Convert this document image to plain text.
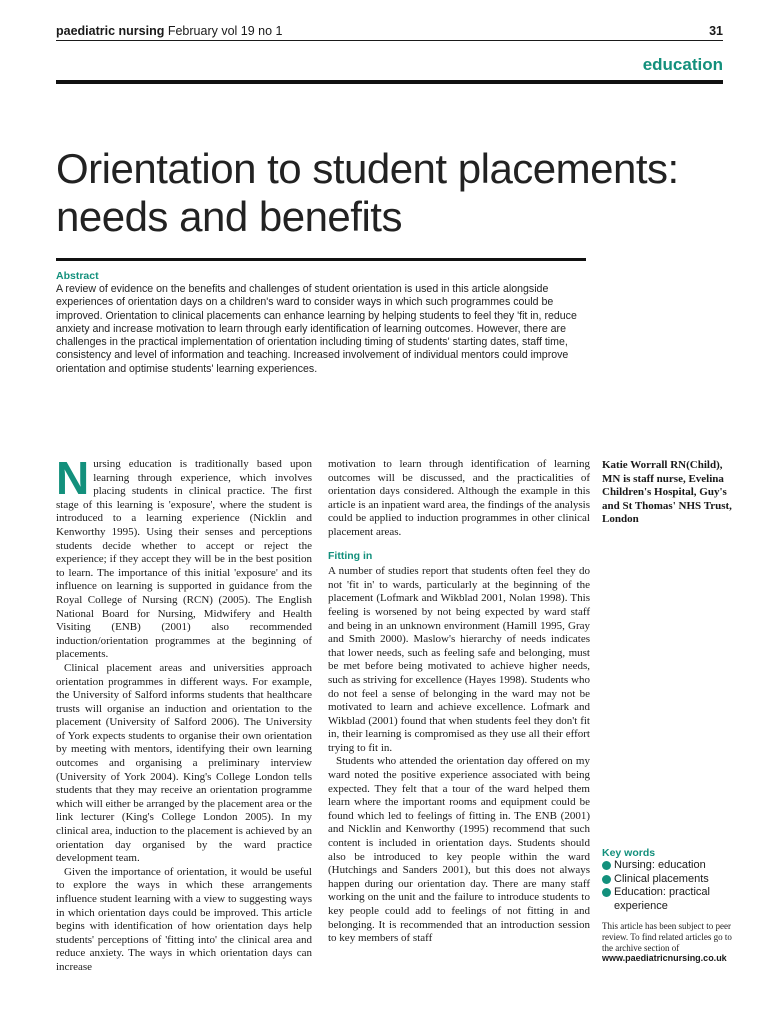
paediatric nursing February vol 19 no 1	31
education
Orientation to student placements:
needs and benefits
Abstract

A review of evidence on the benefits and challenges of student orientation is used in this article alongside experiences of orientation days on a children's ward to consider ways in which such programmes could be improved. Orientation to clinical placements can enhance learning by helping students to feel they 'fit in, reduce anxiety and increase motivation to learn through early identification of learning outcomes. However, there are challenges in the practical implementation of orientation including timing of students' starting dates, staff time, consistency and level of information and teaching. Increased involvement of individual mentors could improve orientation and optimise students' learning experiences.

Nursing education is traditionally based upon learning through experience, which involves placing students in clinical practice. The first stage of this learning is 'exposure', where the student is introduced to a learning experience (Nicklin and Kenworthy 1995). Using their senses and perceptions students decide whether to accept or reject the experience; if they accept they will be in the best position to learn. The importance of this initial 'exposure' and its influence on learning is supported in guidance from the Royal College of Nursing (RCN) (2005). The English National Board for Nursing, Midwifery and Health Visiting (ENB) (2001) also recommended induction/orientation programmes at the beginning of placements.

Clinical placement areas and universities approach orientation programmes in different ways. For example, the University of Salford informs students that healthcare trusts will organise an induction and orientation to the placement (University of Salford 2006). The University of York expects students to organise their own orientation by meeting with mentors, identifying their own learning outcomes and organising a preliminary interview (University of York 2004). King's College London tells students that they may receive an orientation programme which will either be arranged by the placement area or the link lecturer (King's College London 2005). In my clinical area, induction to the placement is achieved by an orientation day organised by the ward practice development team.

Given the importance of orientation, it would be useful to explore the ways in which these arrangements influence student learning with a view to suggesting ways in which orientation days could be improved. This article begins with identification of how orientation days help students' perceptions of 'fitting into' the clinical area and reduce anxiety. The ways in which orientation days can increase

motivation to learn through identification of learning outcomes will be discussed, and the practicalities of orientation days considered. Although the example in this article is an inpatient ward area, the findings of the analysis could be applied to induction programmes in other clinical placement areas.

Fitting in

A number of studies report that students often feel they do not 'fit in' to wards, particularly at the beginning of the placement (Lofmark and Wikblad 2001, Nolan 1998). This feeling is worsened by not being expected by ward staff and being in an unknown environment (Hamill 1995, Gray and Smith 2000). Maslow's hierarchy of needs indicates that lower needs, such as feeling safe and belonging, must be met before being motivated to achieve higher needs, such as striving for excellence (Hayes 1998). Students who do not feel a sense of belonging in the ward may not be motivated to learn and achieve excellence. Lofmark and Wikblad (2001) found that when students feel they don't fit in, their learning is compromised as they use all their effort trying to fit in.

Students who attended the orientation day offered on my ward noted the positive experience associated with being expected. They felt that a tour of the ward helped them learn where the important rooms and equipment could be found which led to feelings of fitting in. The ENB (2001) and Nicklin and Kenworthy (1995) recommend that such content is included in orientation days. Students should also be introduced to key people within the ward (Hutchings and Sanders 2001), but this does not always happen during our orientation day. There are many staff working on the unit and the failure to introduce students to key people could add to feelings of not fitting in and belonging. It is recommended that an introduction session to key members of staff

Katie Worrall RN(Child), MN is staff nurse, Evelina Children's Hospital, Guy's and St Thomas' NHS Trust, London

Key words
Nursing: education
Clinical placements
Education: practical experience

This article has been subject to peer review. To find related articles go to the archive section of
www.paediatricnursing.co.uk
